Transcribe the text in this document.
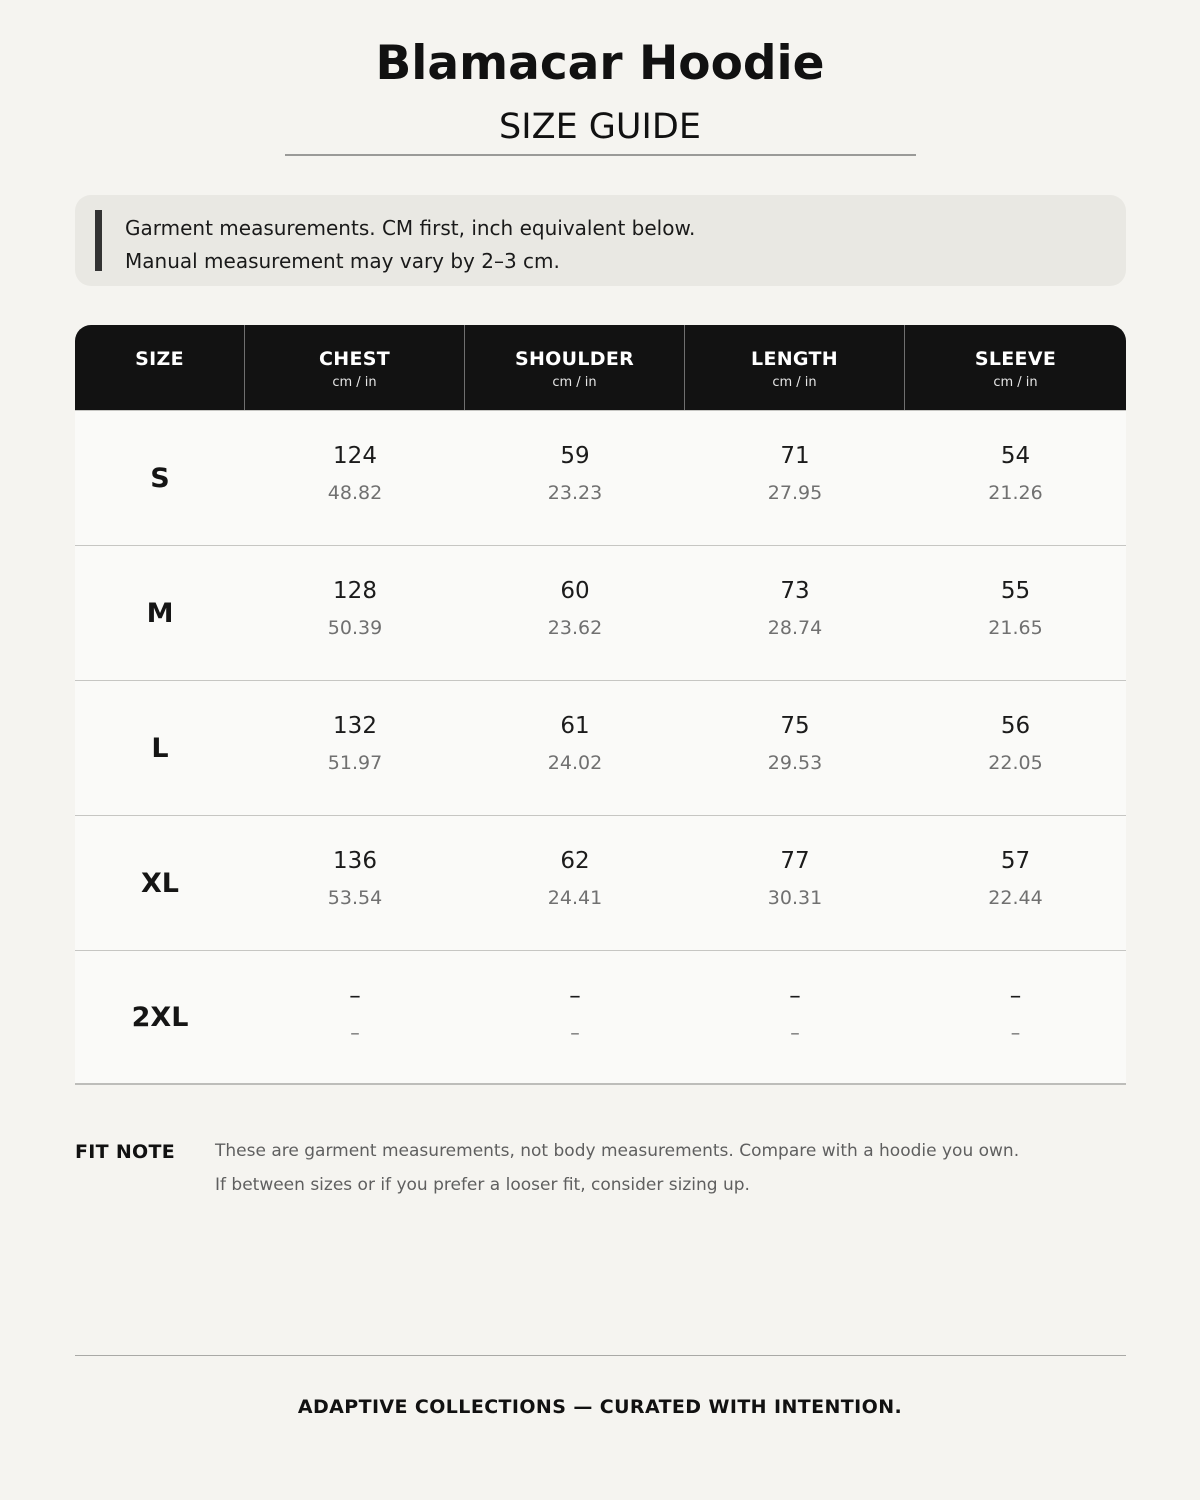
Blamacar Hoodie
SIZE GUIDE
Garment measurements. CM first, inch equivalent below.
Manual measurement may vary by 2–3 cm.
SIZE	CHEST
cm / in
SHOULDER
cm / in
LENGTH
cm / in
SLEEVE
cm / in
S
124
48.82
59
23.23
71
27.95
54
21.26
M
128
50.39
60
23.62
73
28.74
55
21.65
L
132
51.97
61
24.02
75
29.53
56
22.05
XL
136
53.54
62
24.41
77
30.31
57
22.44
2XL
–
–
–
–
–
–
–
–
FIT NOTE These are garment measurements, not body measurements. Compare with a hoodie you own.
If between sizes or if you prefer a looser fit, consider sizing up.
ADAPTIVE COLLECTIONS — CURATED WITH INTENTION.
